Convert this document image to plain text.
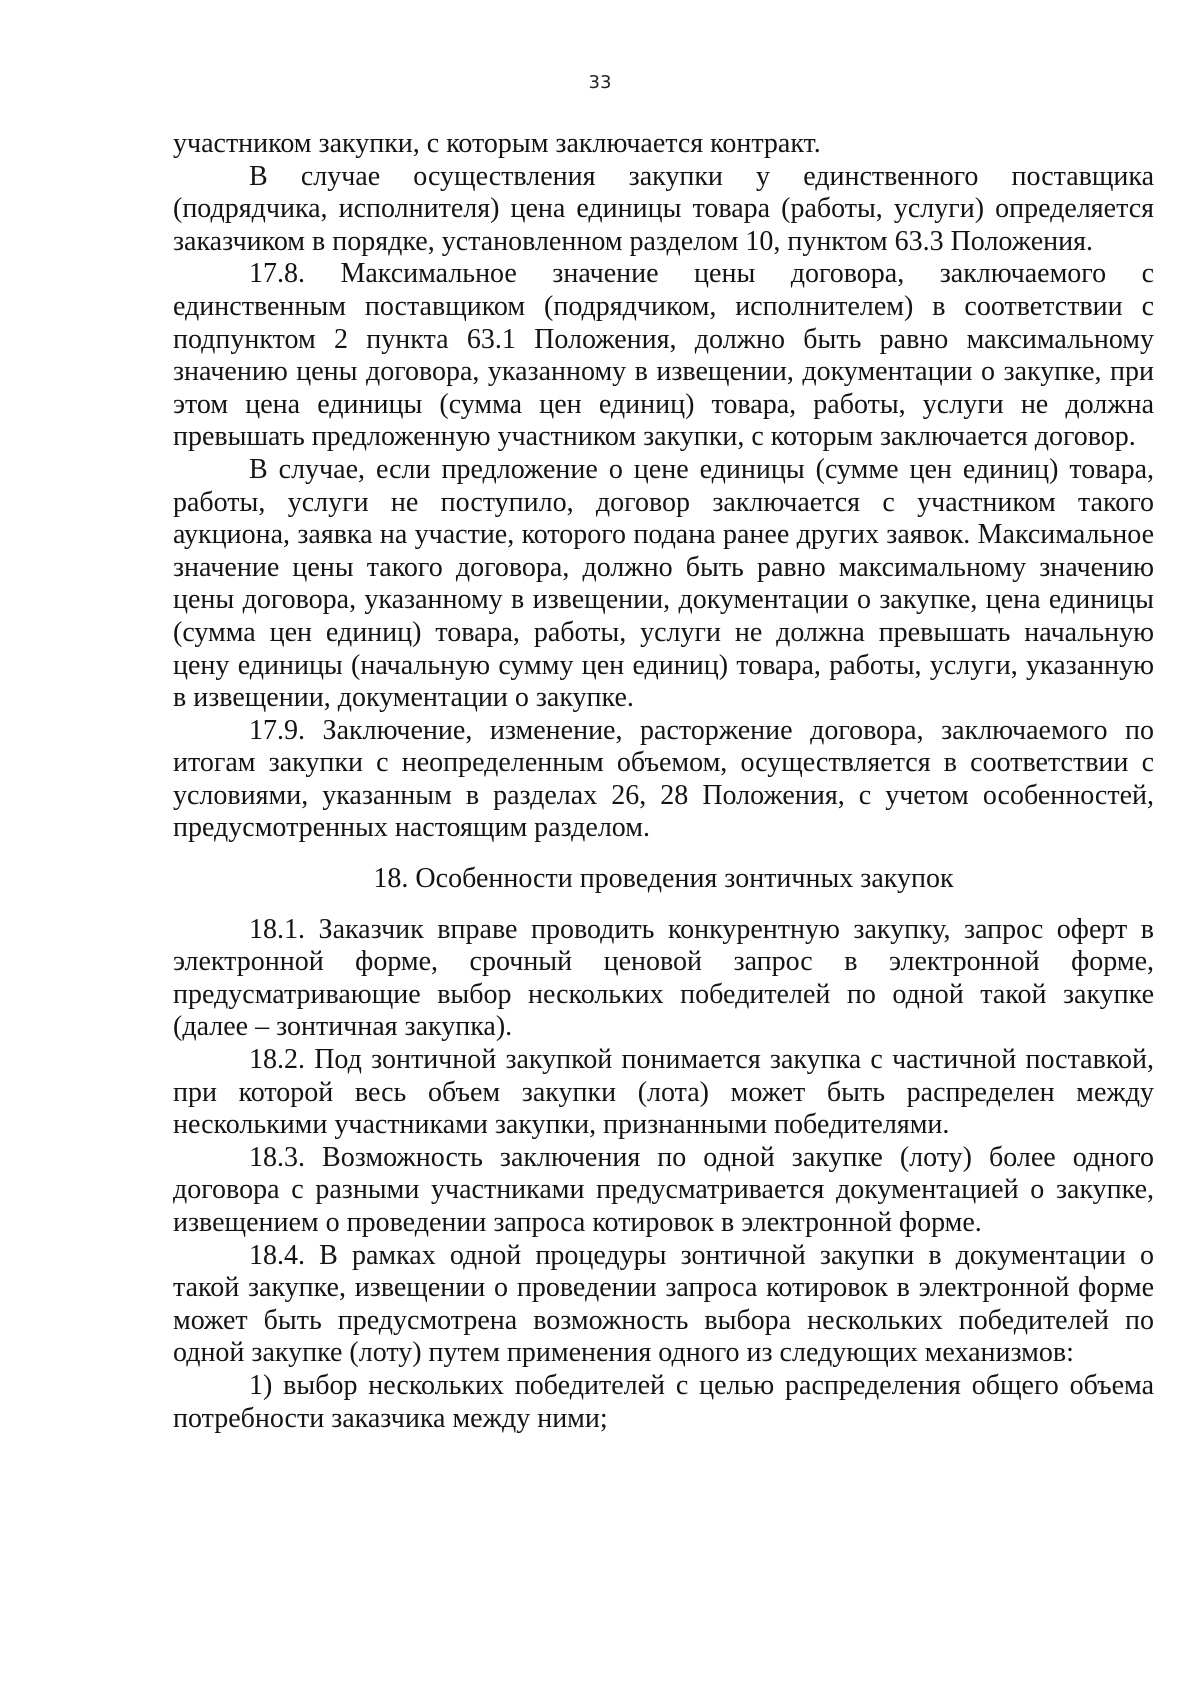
33

участником закупки, с которым заключается контракт.

В случае осуществления закупки у единственного поставщика (подрядчика, исполнителя) цена единицы товара (работы, услуги) определяется заказчиком в порядке, установленном разделом 10, пунктом 63.3 Положения.

17.8. Максимальное значение цены договора, заключаемого с единственным поставщиком (подрядчиком, исполнителем) в соответствии с подпунктом 2 пункта 63.1 Положения, должно быть равно максимальному значению цены договора, указанному в извещении, документации о закупке, при этом цена единицы (сумма цен единиц) товара, работы, услуги не должна превышать предложенную участником закупки, с которым заключается договор.

В случае, если предложение о цене единицы (сумме цен единиц) товара, работы, услуги не поступило, договор заключается с участником такого аукциона, заявка на участие, которого подана ранее других заявок. Максимальное значение цены такого договора, должно быть равно максимальному значению цены договора, указанному в извещении, документации о закупке, цена единицы (сумма цен единиц) товара, работы, услуги не должна превышать начальную цену единицы (начальную сумму цен единиц) товара, работы, услуги, указанную в извещении, документации о закупке.

17.9. Заключение, изменение, расторжение договора, заключаемого по итогам закупки с неопределенным объемом, осуществляется в соответствии с условиями, указанным в разделах 26, 28 Положения, с учетом особенностей, предусмотренных настоящим разделом.

18. Особенности проведения зонтичных закупок

18.1. Заказчик вправе проводить конкурентную закупку, запрос оферт в электронной форме, срочный ценовой запрос в электронной форме, предусматривающие выбор нескольких победителей по одной такой закупке (далее – зонтичная закупка).

18.2. Под зонтичной закупкой понимается закупка с частичной поставкой, при которой весь объем закупки (лота) может быть распределен между несколькими участниками закупки, признанными победителями.

18.3. Возможность заключения по одной закупке (лоту) более одного договора с разными участниками предусматривается документацией о закупке, извещением о проведении запроса котировок в электронной форме.

18.4. В рамках одной процедуры зонтичной закупки в документации о такой закупке, извещении о проведении запроса котировок в электронной форме может быть предусмотрена возможность выбора нескольких победителей по одной закупке (лоту) путем применения одного из следующих механизмов:

1) выбор нескольких победителей с целью распределения общего объема потребности заказчика между ними;
